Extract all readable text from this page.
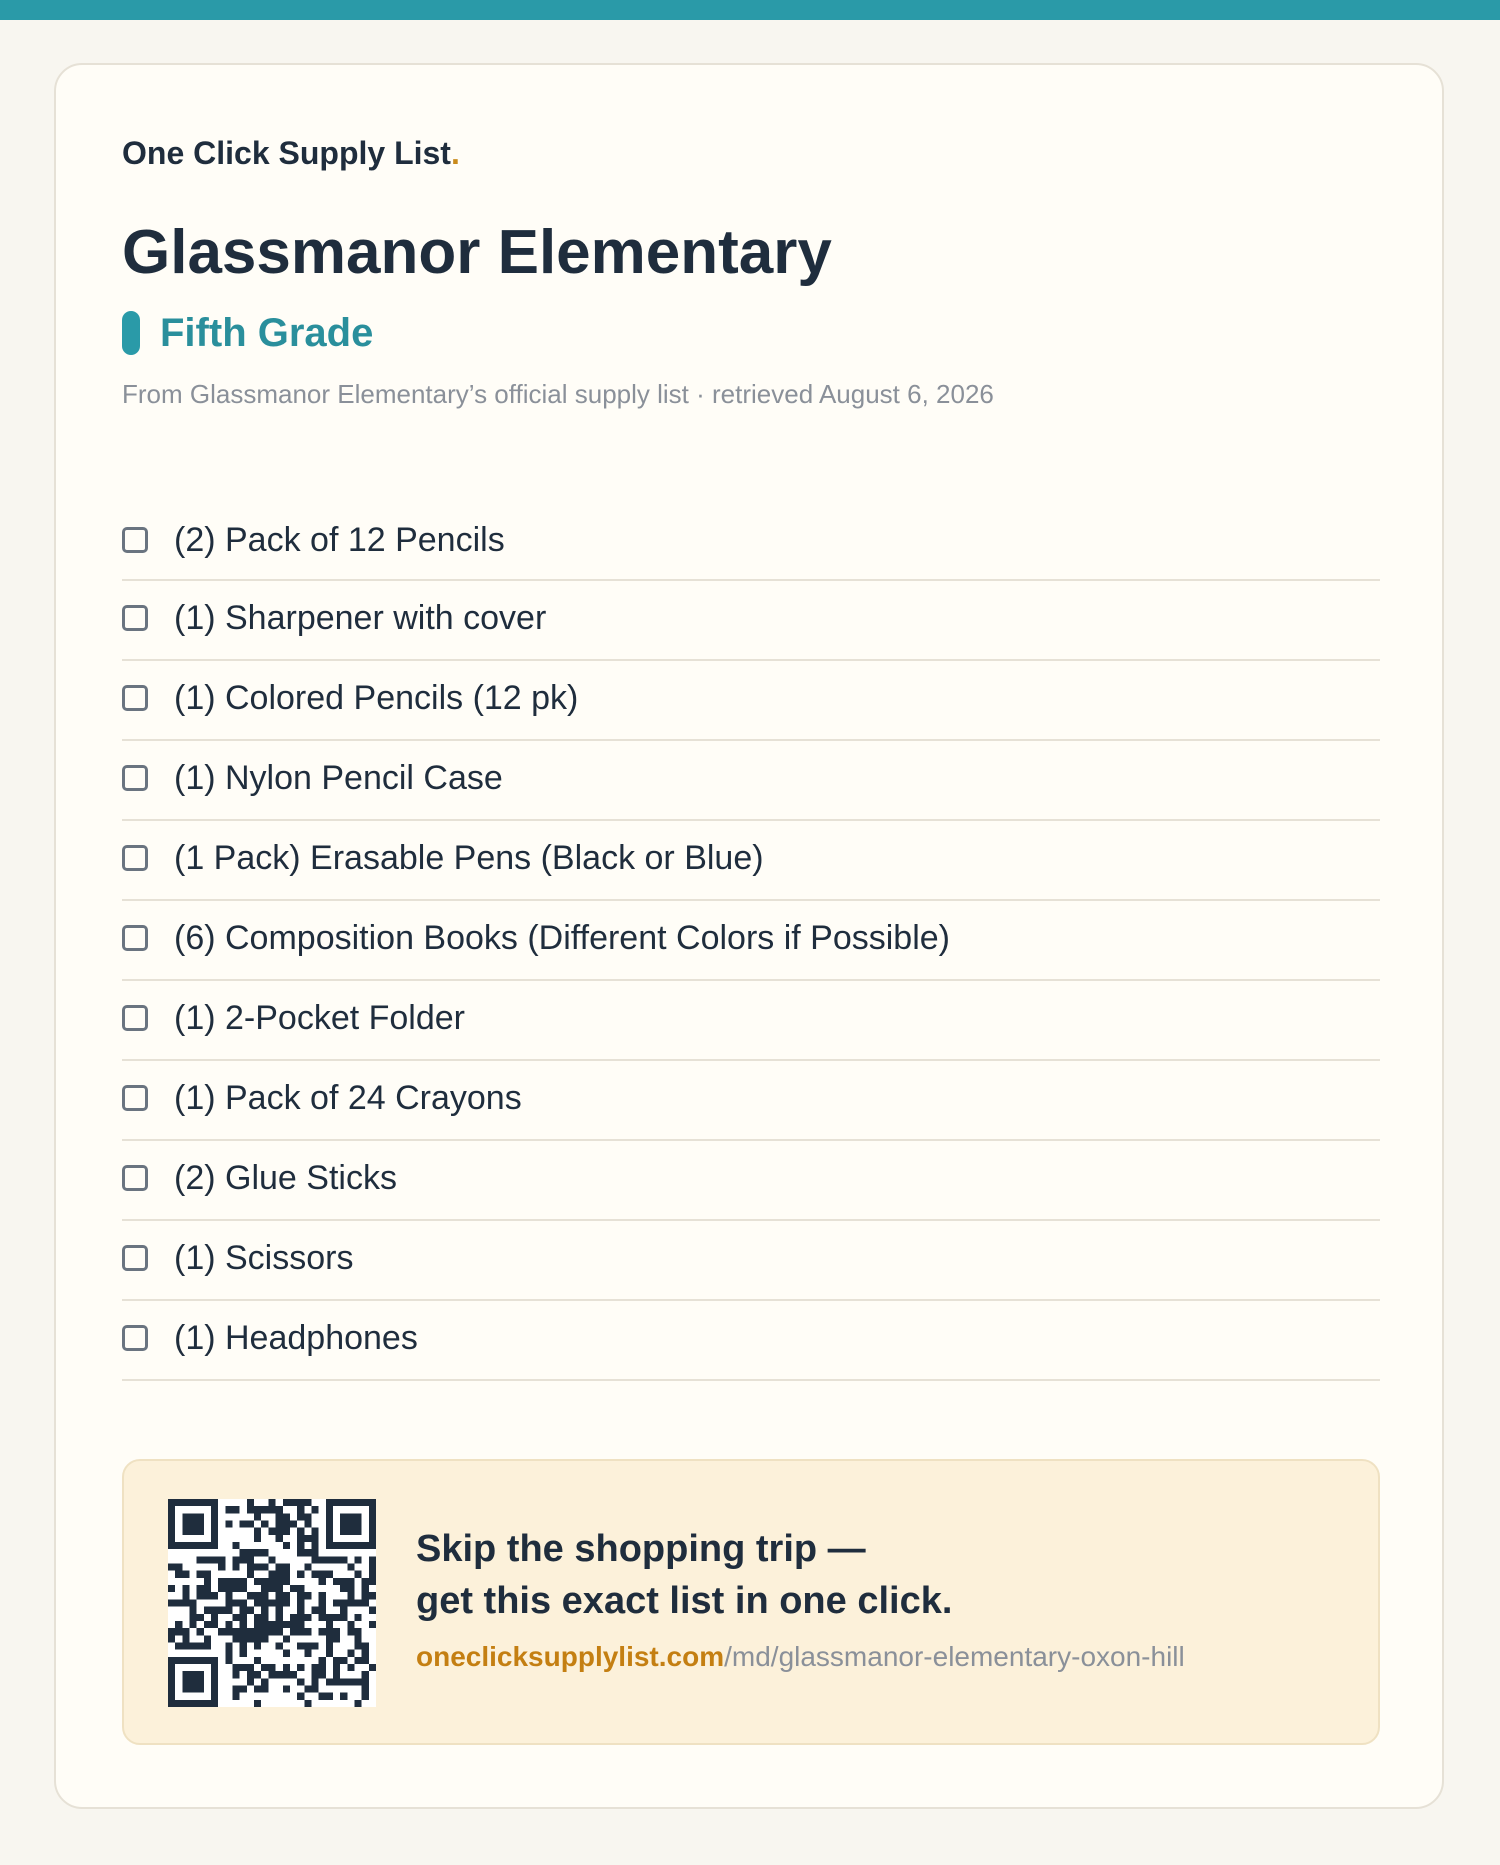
One Click Supply List.
Glassmanor Elementary
Fifth Grade
From Glassmanor Elementary’s official supply list · retrieved August 6, 2026
(2) Pack of 12 Pencils
(1) Sharpener with cover
(1) Colored Pencils (12 pk)
(1) Nylon Pencil Case
(1 Pack) Erasable Pens (Black or Blue)
(6) Composition Books (Different Colors if Possible)
(1) 2-Pocket Folder
(1) Pack of 24 Crayons
(2) Glue Sticks
(1) Scissors
(1) Headphones
Skip the shopping trip —
get this exact list in one click.
oneclicksupplylist.com/md/glassmanor-elementary-oxon-hill
